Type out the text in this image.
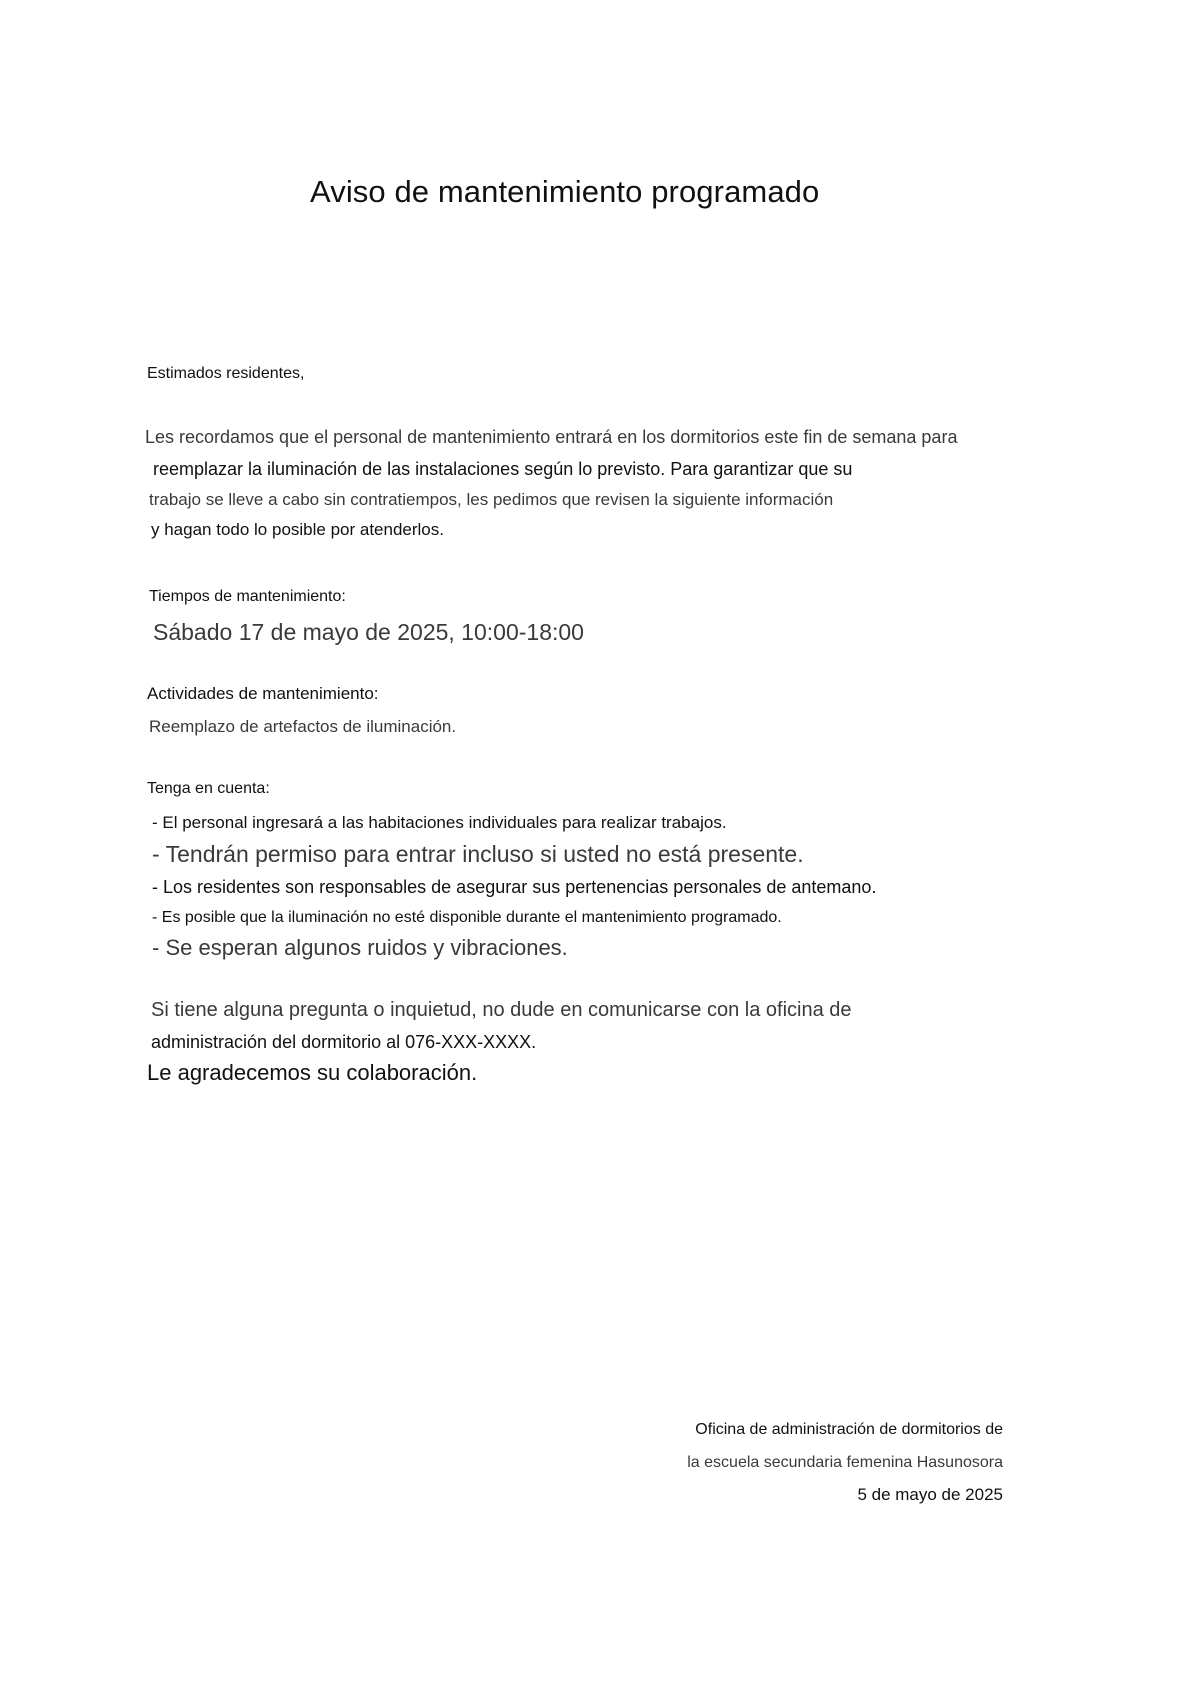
Aviso de mantenimiento programado
Estimados residentes,
Les recordamos que el personal de mantenimiento entrará en los dormitorios este fin de semana para
reemplazar la iluminación de las instalaciones según lo previsto. Para garantizar que su
trabajo se lleve a cabo sin contratiempos, les pedimos que revisen la siguiente información
y hagan todo lo posible por atenderlos.
Tiempos de mantenimiento:
Sábado 17 de mayo de 2025, 10:00-18:00
Actividades de mantenimiento:
Reemplazo de artefactos de iluminación.
Tenga en cuenta:
- El personal ingresará a las habitaciones individuales para realizar trabajos.
- Tendrán permiso para entrar incluso si usted no está presente.
- Los residentes son responsables de asegurar sus pertenencias personales de antemano.
- Es posible que la iluminación no esté disponible durante el mantenimiento programado.
- Se esperan algunos ruidos y vibraciones.
Si tiene alguna pregunta o inquietud, no dude en comunicarse con la oficina de
administración del dormitorio al 076-XXX-XXXX.
Le agradecemos su colaboración.
Oficina de administración de dormitorios de
la escuela secundaria femenina Hasunosora
5 de mayo de 2025
